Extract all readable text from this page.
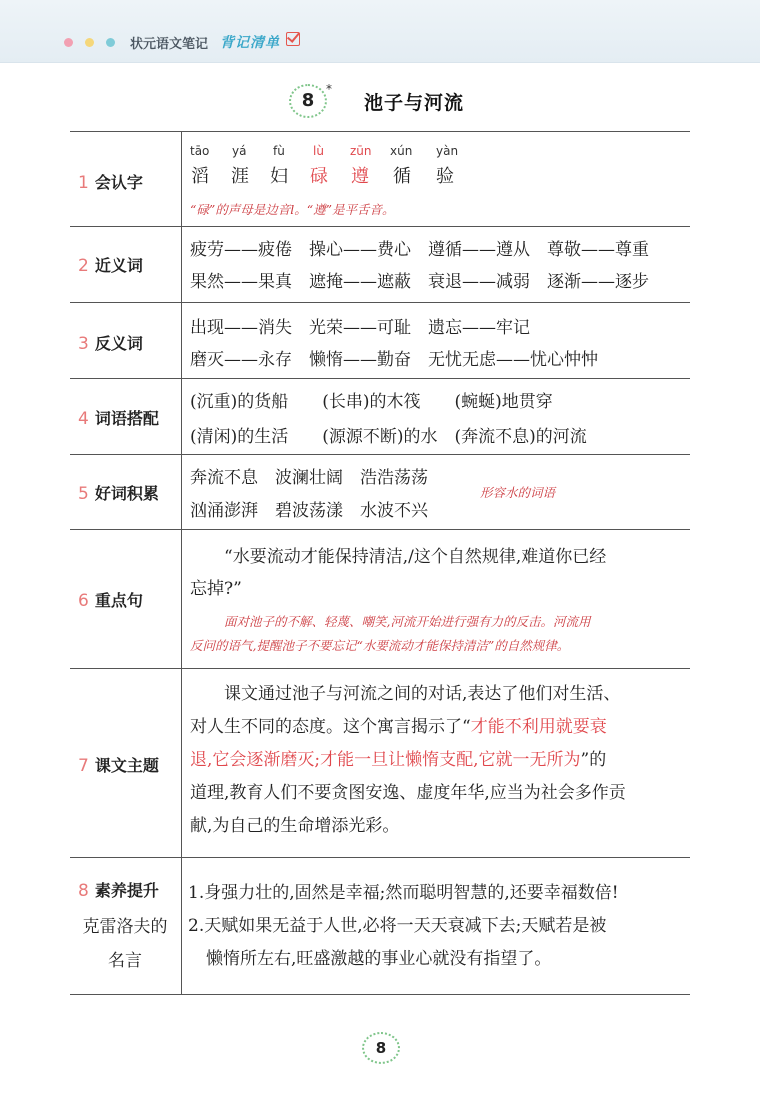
状元语文笔记 背记清单
8
*
池子与河流
1 会认字
tāo
滔
yá
涯
fù
妇
lù
碌
zūn
遵
xún
循
yàn
验
“碌”的声母是边音l。“遵”是平舌音。
2 近义词
疲劳——疲倦　操心——费心　遵循——遵从　尊敬——尊重
果然——果真　遮掩——遮蔽　衰退——减弱　逐渐——逐步
3 反义词
出现——消失　光荣——可耻　遗忘——牢记
磨灭——永存　懒惰——勤奋　无忧无虑——忧心忡忡
4 词语搭配
(沉重)的货船　　(长串)的木筏　　(蜿蜒)地贯穿
(清闲)的生活　　(源源不断)的水　(奔流不息)的河流
5 好词积累
奔流不息　波澜壮阔　浩浩荡荡
汹涌澎湃　碧波荡漾　水波不兴
形容水的词语
6 重点句
“水要流动才能保持清洁,/这个自然规律,难道你已经
忘掉?”
面对池子的不解、轻蔑、嘲笑,河流开始进行强有力的反击。河流用
反问的语气,提醒池子不要忘记“水要流动才能保持清洁”的自然规律。
7 课文主题
课文通过池子与河流之间的对话,表达了他们对生活、
对人生不同的态度。这个寓言揭示了“才能不利用就要衰
退,它会逐渐磨灭;才能一旦让懒惰支配,它就一无所为”的
道理,教育人们不要贪图安逸、虚度年华,应当为社会多作贡
献,为自己的生命增添光彩。
8 素养提升
克雷洛夫的
名言
1.身强力壮的,固然是幸福;然而聪明智慧的,还要幸福数倍!
2.天赋如果无益于人世,必将一天天衰减下去;天赋若是被
懒惰所左右,旺盛激越的事业心就没有指望了。
8
